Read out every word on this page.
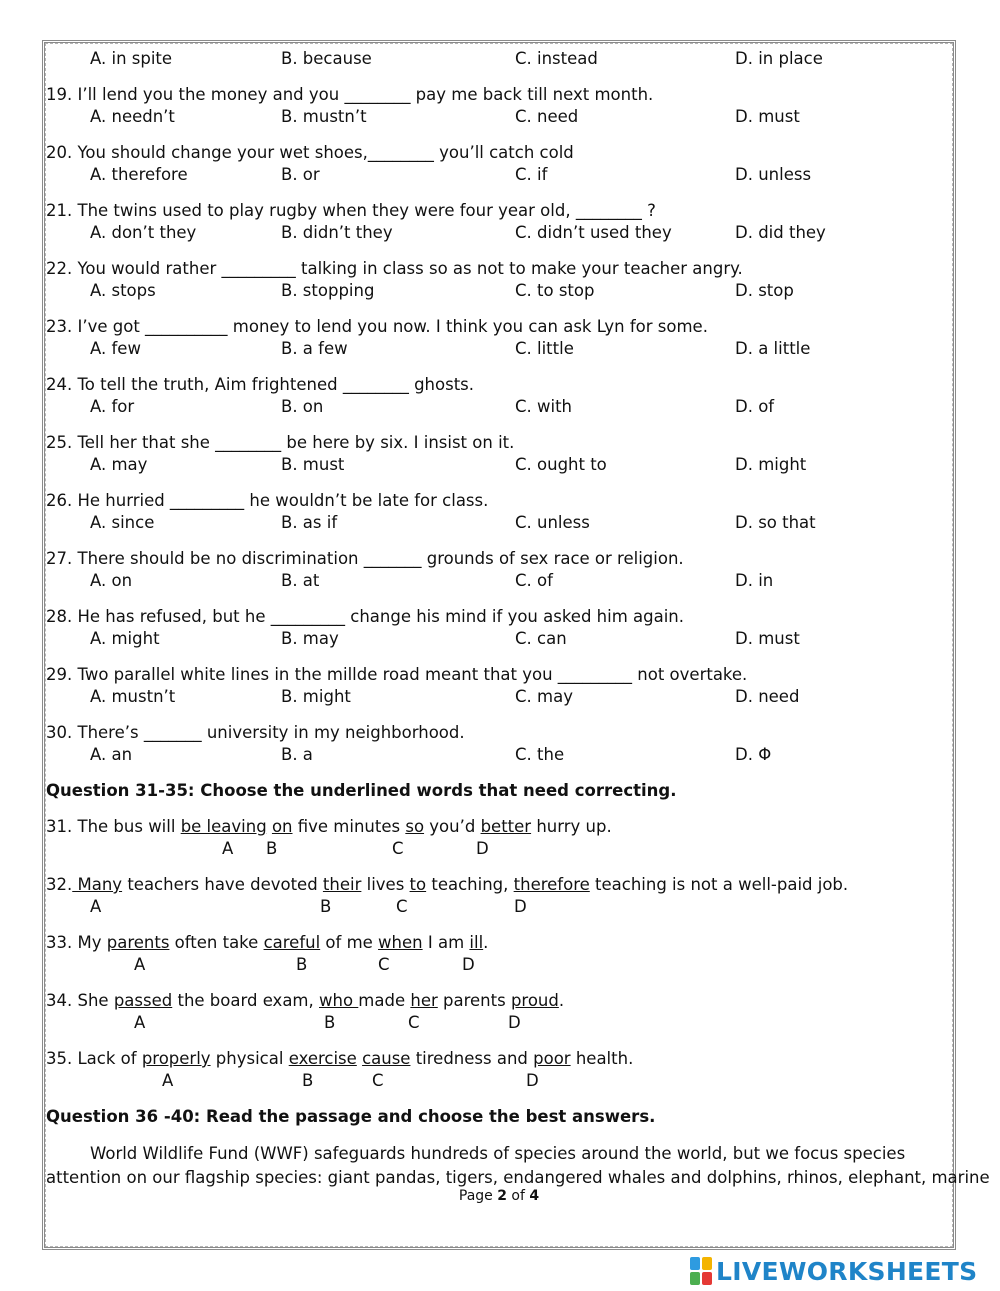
A. in spite	B. because	C. instead	D. in place
19. I’ll lend you the money and you ________ pay me back till next month.
A. needn’t	B. mustn’t	C. need	D. must
20. You should change your wet shoes,________ you’ll catch cold
A. therefore	B. or	C. if	D. unless
21. The twins used to play rugby when they were four year old, ________ ?
A. don’t they	B. didn’t they	C. didn’t used they	D. did they
22. You would rather _________ talking in class so as not to make your teacher angry.
A. stops	B. stopping	C. to stop	D. stop
23. I’ve got __________ money to lend you now. I think you can ask Lyn for some.
A. few	B. a few	C. little	D. a little
24. To tell the truth, Aim frightened ________ ghosts.
A. for	B. on	C. with	D. of
25. Tell her that she ________ be here by six. I insist on it.
A. may	B. must	C. ought to	D. might
26. He hurried _________ he wouldn’t be late for class.
A. since	B. as if	C. unless	D. so that
27. There should be no discrimination _______ grounds of sex race or religion.
A. on	B. at	C. of	D. in
28. He has refused, but he _________ change his mind if you asked him again.
A. might	B. may	C. can	D. must
29. Two parallel white lines in the millde road meant that you _________ not overtake.
A. mustn’t	B. might	C. may	D. need
30. There’s _______ university in my neighborhood.
A. an	B. a	C. the	D. Φ
Question 31-35: Choose the underlined words that need correcting.
31. The bus will be leaving on five minutes so you’d better hurry up.
A B	C	D
32. Many teachers have devoted their lives to teaching, therefore teaching is not a well-paid job.
A	B	C	D
33. My parents often take careful of me when I am ill.
A	B	C	D
34. She passed the board exam, who made her parents proud.
A	B	C	D
35. Lack of properly physical exercise cause tiredness and poor health.
A	B	C	D
Question 36 -40: Read the passage and choose the best answers.
World Wildlife Fund (WWF) safeguards hundreds of species around the world, but we focus species
attention on our flagship species: giant pandas, tigers, endangered whales and dolphins, rhinos, elephant, marine
Page 2 of 4
LIVEWORKSHEETS
